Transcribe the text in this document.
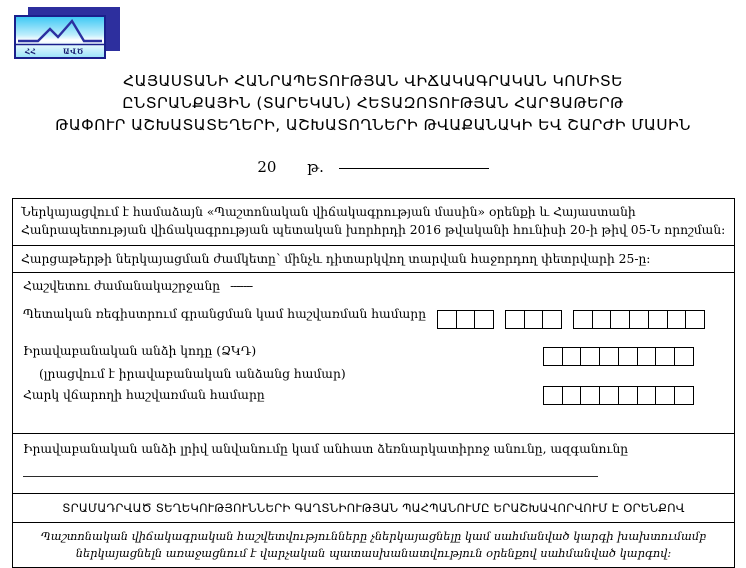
ՀՀ	ԱՎԾ
ՀԱՅԱՍՏԱՆԻ ՀԱՆՐԱՊԵՏՈՒԹՅԱՆ ՎԻՃԱԿԱԳՐԱԿԱՆ ԿՈՄԻՏԵ
ԸՆՏՐԱՆՔԱՅԻՆ (ՏԱՐԵԿԱՆ) ՀԵՏԱԶՈՏՈՒԹՅԱՆ ՀԱՐՑԱԹԵՐԹ
ԹԱՓՈՒՐ ԱՇԽԱՏԱՏԵՂԵՐԻ, ԱՇԽԱՏՈՂՆԵՐԻ ԹՎԱՔԱՆԱԿԻ ԵՎ ՇԱՐԺԻ ՄԱՍԻՆ
20 թ.
Ներկայացվում է համաձայն «Պաշտոնական վիճակագրության մասին» օրենքի և Հայաստանի Հանրապետության վիճակագրության պետական խորհրդի 2016 թվականի հունիսի 20-ի թիվ 05-Ն որոշման:
Հարցաթերթի ներկայացման ժամկետը՝ մինչև դիտարկվող տարվան հաջորդող փետրվարի 25-ը:
Հաշվետու ժամանակաշրջանը -------
Պետական ռեգիստրում գրանցման կամ հաշվառման համարը
Իրավաբանական անձի կոդը (ՁԿԴ)
(լրացվում է իրավաբանական անձանց համար)
Հարկ վճարողի հաշվառման համարը
Իրավաբանական անձի լրիվ անվանումը կամ անհատ ձեռնարկատիրոջ անունը, ազգանունը
ՏՐԱՄԱԴՐՎԱԾ ՏԵՂԵԿՈՒԹՅՈՒՆՆԵՐԻ ԳԱՂՏՆԻՈՒԹՅԱՆ ՊԱՀՊԱՆՈՒՄԸ ԵՐԱՇԽԱՎՈՐՎՈՒՄ Է ՕՐԵՆՔՈՎ
Պաշտոնական վիճակագրական հաշվետվությունները չներկայացնելը կամ սահմանված կարգի խախտումամբ
ներկայացնելն առաջացնում է վարչական պատասխանատվություն օրենքով սահմանված կարգով:
